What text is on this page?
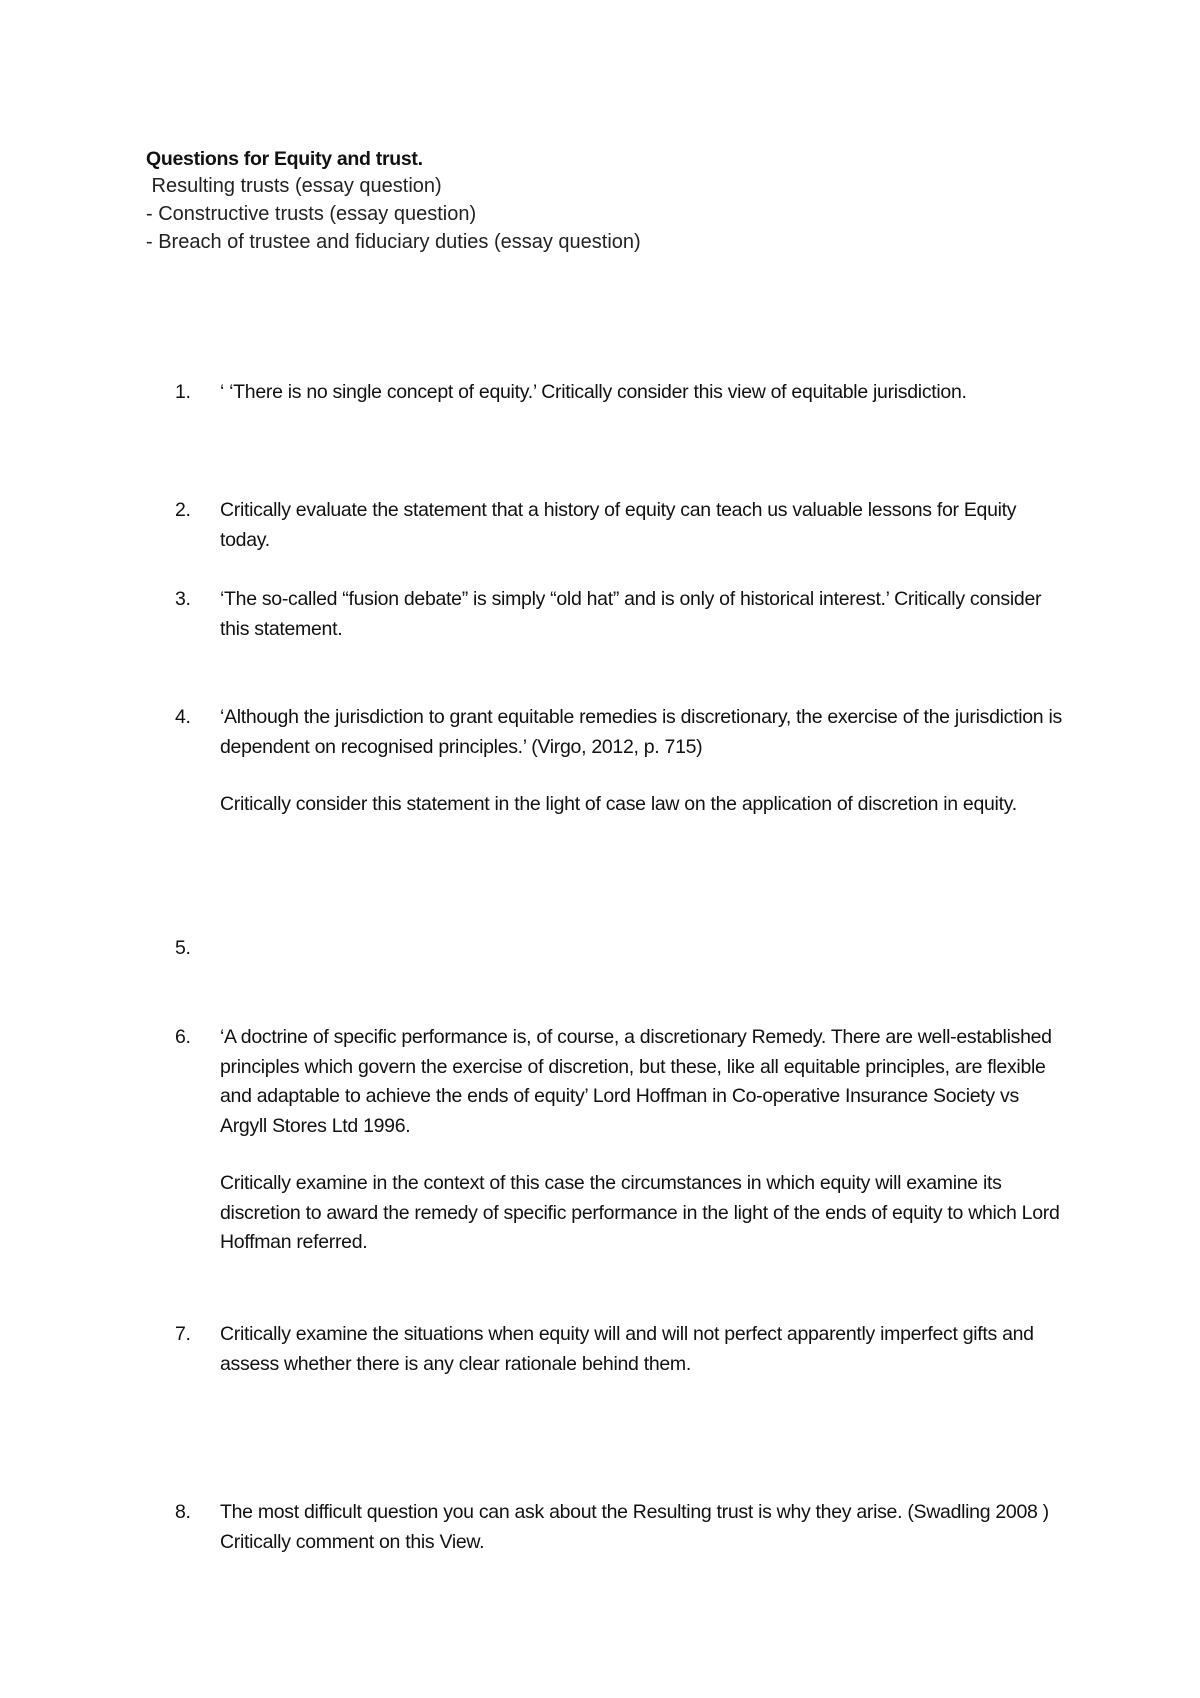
Questions for Equity and trust.

Resulting trusts (essay question)

- Constructive trusts (essay question)

- Breach of trustee and fiduciary duties (essay question)

1.	‘ ‘There is no single concept of equity.’ Critically consider this view of equitable jurisdiction.

2.	Critically evaluate the statement that a history of equity can teach us valuable lessons for Equity today.

3.	‘The so-called “fusion debate” is simply “old hat” and is only of historical interest.’ Critically consider this statement.

4.	‘Although the jurisdiction to grant equitable remedies is discretionary, the exercise of the jurisdiction is dependent on recognised principles.’ (Virgo, 2012, p. 715)

Critically consider this statement in the light of case law on the application of discretion in equity.

5.

6.	‘A doctrine of specific performance is, of course, a discretionary Remedy. There are well-established principles which govern the exercise of discretion, but these, like all equitable principles, are flexible and adaptable to achieve the ends of equity’ Lord Hoffman in Co-operative Insurance Society vs Argyll Stores Ltd 1996.

Critically examine in the context of this case the circumstances in which equity will examine its discretion to award the remedy of specific performance in the light of the ends of equity to which Lord Hoffman referred.

7.	Critically examine the situations when equity will and will not perfect apparently imperfect gifts and assess whether there is any clear rationale behind them.

8.	The most difficult question you can ask about the Resulting trust is why they arise. (Swadling 2008 ) Critically comment on this View.
